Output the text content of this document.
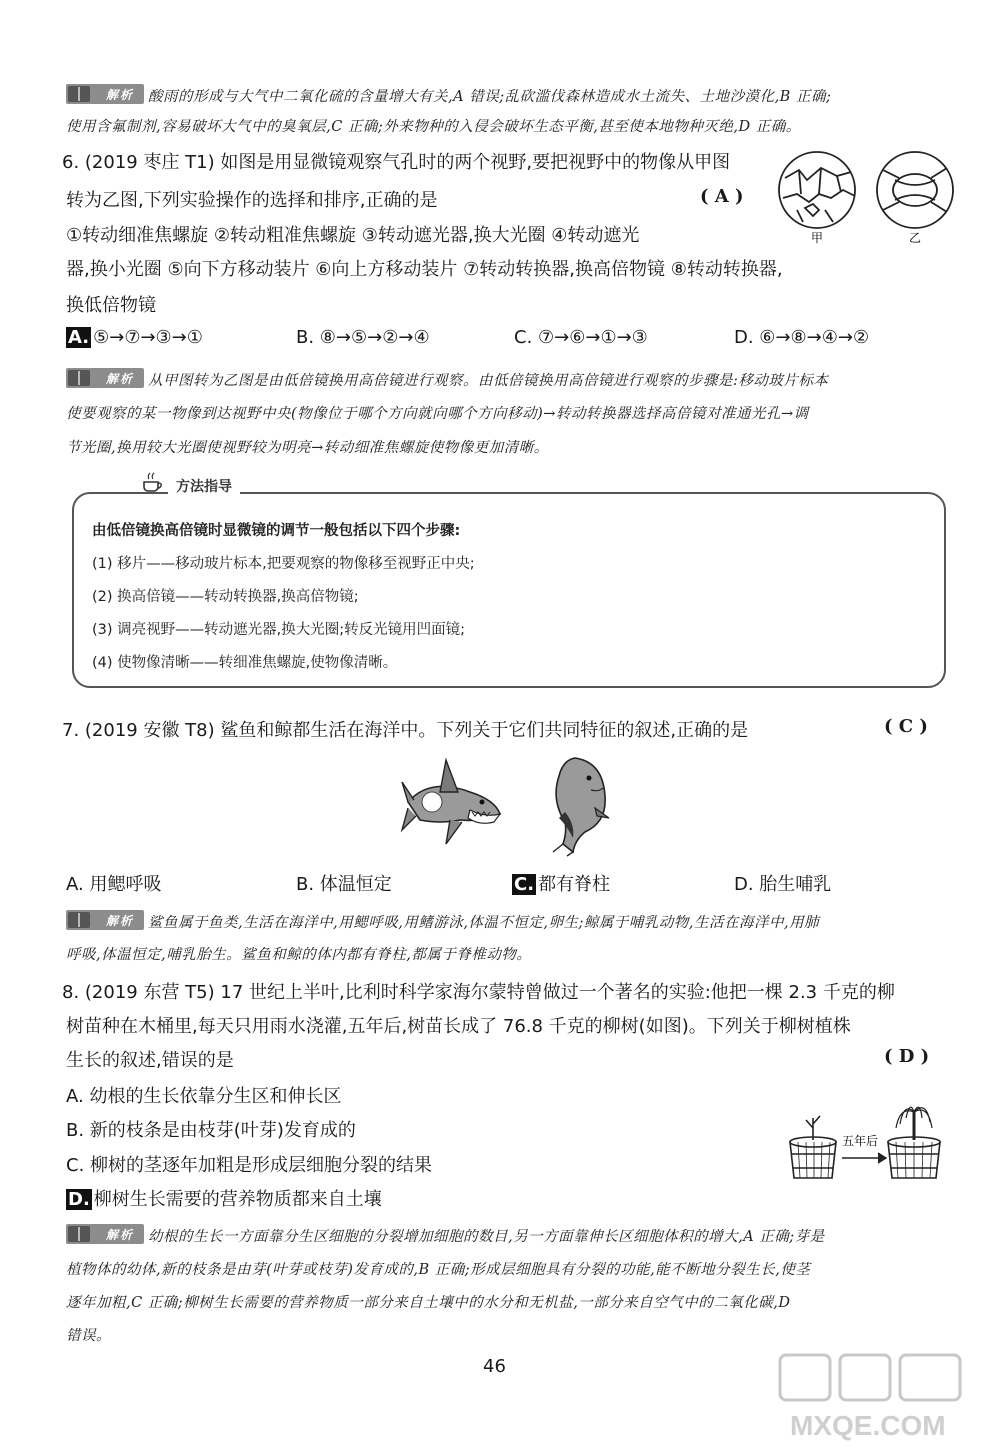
解析 酸雨的形成与大气中二氧化硫的含量增大有关,A 错误;乱砍滥伐森林造成水土流失、土地沙漠化,B 正确;
使用含氟制剂,容易破坏大气中的臭氧层,C 正确;外来物种的入侵会破坏生态平衡,甚至使本地物种灭绝,D 正确。
6. (2019 枣庄 T1) 如图是用显微镜观察气孔时的两个视野,要把视野中的物像从甲图
转为乙图,下列实验操作的选择和排序,正确的是	( A )
①转动细准焦螺旋 ②转动粗准焦螺旋 ③转动遮光器,换大光圈 ④转动遮光
器,换小光圈 ⑤向下方移动装片 ⑥向上方移动装片 ⑦转动转换器,换高倍物镜 ⑧转动转换器,
换低倍物镜
甲	乙
A. ⑤→⑦→③→①	B. ⑧→⑤→②→④	C. ⑦→⑥→①→③	D. ⑥→⑧→④→②
解析 从甲图转为乙图是由低倍镜换用高倍镜进行观察。由低倍镜换用高倍镜进行观察的步骤是:移动玻片标本
使要观察的某一物像到达视野中央(物像位于哪个方向就向哪个方向移动)→转动转换器选择高倍镜对准通光孔→调
节光圈,换用较大光圈使视野较为明亮→转动细准焦螺旋使物像更加清晰。
方法指导
由低倍镜换高倍镜时显微镜的调节一般包括以下四个步骤:
(1) 移片——移动玻片标本,把要观察的物像移至视野正中央;
(2) 换高倍镜——转动转换器,换高倍物镜;
(3) 调亮视野——转动遮光器,换大光圈;转反光镜用凹面镜;
(4) 使物像清晰——转细准焦螺旋,使物像清晰。
7. (2019 安徽 T8) 鲨鱼和鲸都生活在海洋中。下列关于它们共同特征的叙述,正确的是	( C )
A. 用鳃呼吸	B. 体温恒定	C. 都有脊柱	D. 胎生哺乳
解析 鲨鱼属于鱼类,生活在海洋中,用鳃呼吸,用鳍游泳,体温不恒定,卵生;鲸属于哺乳动物,生活在海洋中,用肺
呼吸,体温恒定,哺乳胎生。鲨鱼和鲸的体内都有脊柱,都属于脊椎动物。
8. (2019 东营 T5) 17 世纪上半叶,比利时科学家海尔蒙特曾做过一个著名的实验:他把一棵 2.3 千克的柳
树苗种在木桶里,每天只用雨水浇灌,五年后,树苗长成了 76.8 千克的柳树(如图)。下列关于柳树植株
生长的叙述,错误的是	( D )
A. 幼根的生长依靠分生区和伸长区
B. 新的枝条是由枝芽(叶芽)发育成的
C. 柳树的茎逐年加粗是形成层细胞分裂的结果
D. 柳树生长需要的营养物质都来自土壤
五年后
解析 幼根的生长一方面靠分生区细胞的分裂增加细胞的数目,另一方面靠伸长区细胞体积的增大,A 正确;芽是
植物体的幼体,新的枝条是由芽(叶芽或枝芽)发育成的,B 正确;形成层细胞具有分裂的功能,能不断地分裂生长,使茎
逐年加粗,C 正确;柳树生长需要的营养物质一部分来自土壤中的水分和无机盐,一部分来自空气中的二氧化碳,D
错误。
46
MXQE.COM
